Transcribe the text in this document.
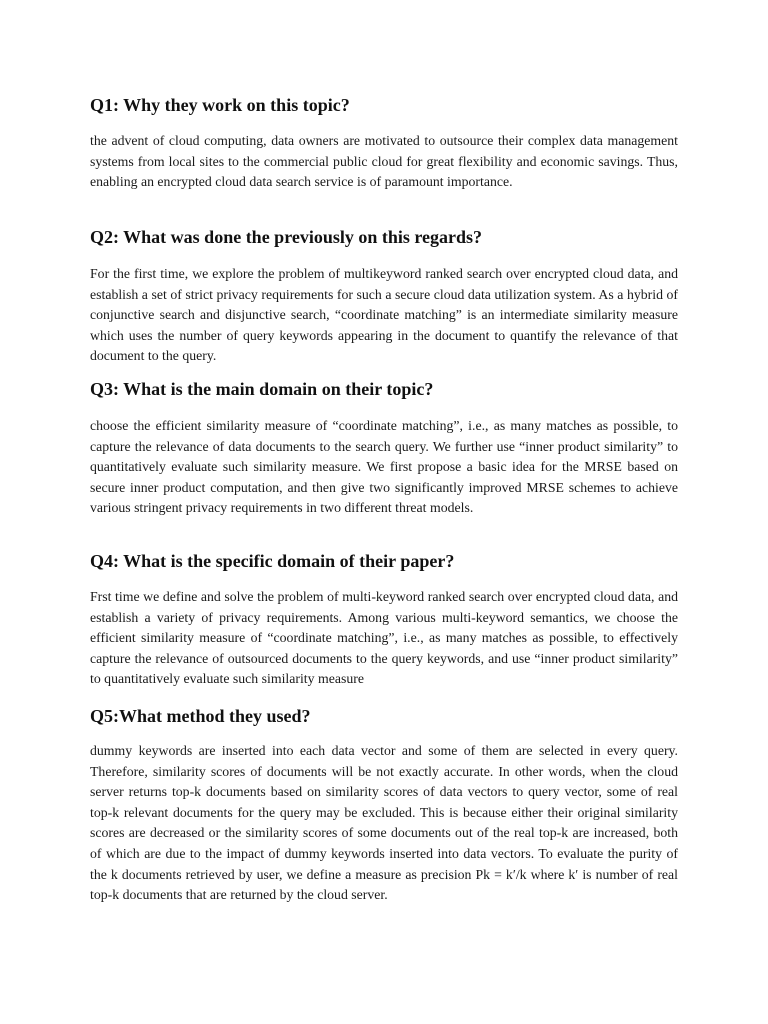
Q1: Why they work on this topic?

the advent of cloud computing, data owners are motivated to outsource their complex data management systems from local sites to the commercial public cloud for great flexibility and economic savings. Thus, enabling an encrypted cloud data search service is of paramount importance.

Q2: What was done the previously on this regards?

For the first time, we explore the problem of multikeyword ranked search over encrypted cloud data, and establish a set of strict privacy requirements for such a secure cloud data utilization system. As a hybrid of conjunctive search and disjunctive search, “coordinate matching” is an intermediate similarity measure which uses the number of query keywords appearing in the document to quantify the relevance of that document to the query.

Q3: What is the main domain on their topic?

choose the efficient similarity measure of “coordinate matching”, i.e., as many matches as possible, to capture the relevance of data documents to the search query. We further use “inner product similarity” to quantitatively evaluate such similarity measure. We first propose a basic idea for the MRSE based on secure inner product computation, and then give two significantly improved MRSE schemes to achieve various stringent privacy requirements in two different threat models.

Q4: What is the specific domain of their paper?

Frst time we define and solve the problem of multi-keyword ranked search over encrypted cloud data, and establish a variety of privacy requirements. Among various multi-keyword semantics, we choose the efficient similarity measure of “coordinate matching”, i.e., as many matches as possible, to effectively capture the relevance of outsourced documents to the query keywords, and use “inner product similarity” to quantitatively evaluate such similarity measure

Q5:What method they used?

dummy keywords are inserted into each data vector and some of them are selected in every query. Therefore, similarity scores of documents will be not exactly accurate. In other words, when the cloud server returns top-k documents based on similarity scores of data vectors to query vector, some of real top-k relevant documents for the query may be excluded. This is because either their original similarity scores are decreased or the similarity scores of some documents out of the real top-k are increased, both of which are due to the impact of dummy keywords inserted into data vectors. To evaluate the purity of the k documents retrieved by user, we define a measure as precision Pk = k′/k where k′ is number of real top-k documents that are returned by the cloud server.
